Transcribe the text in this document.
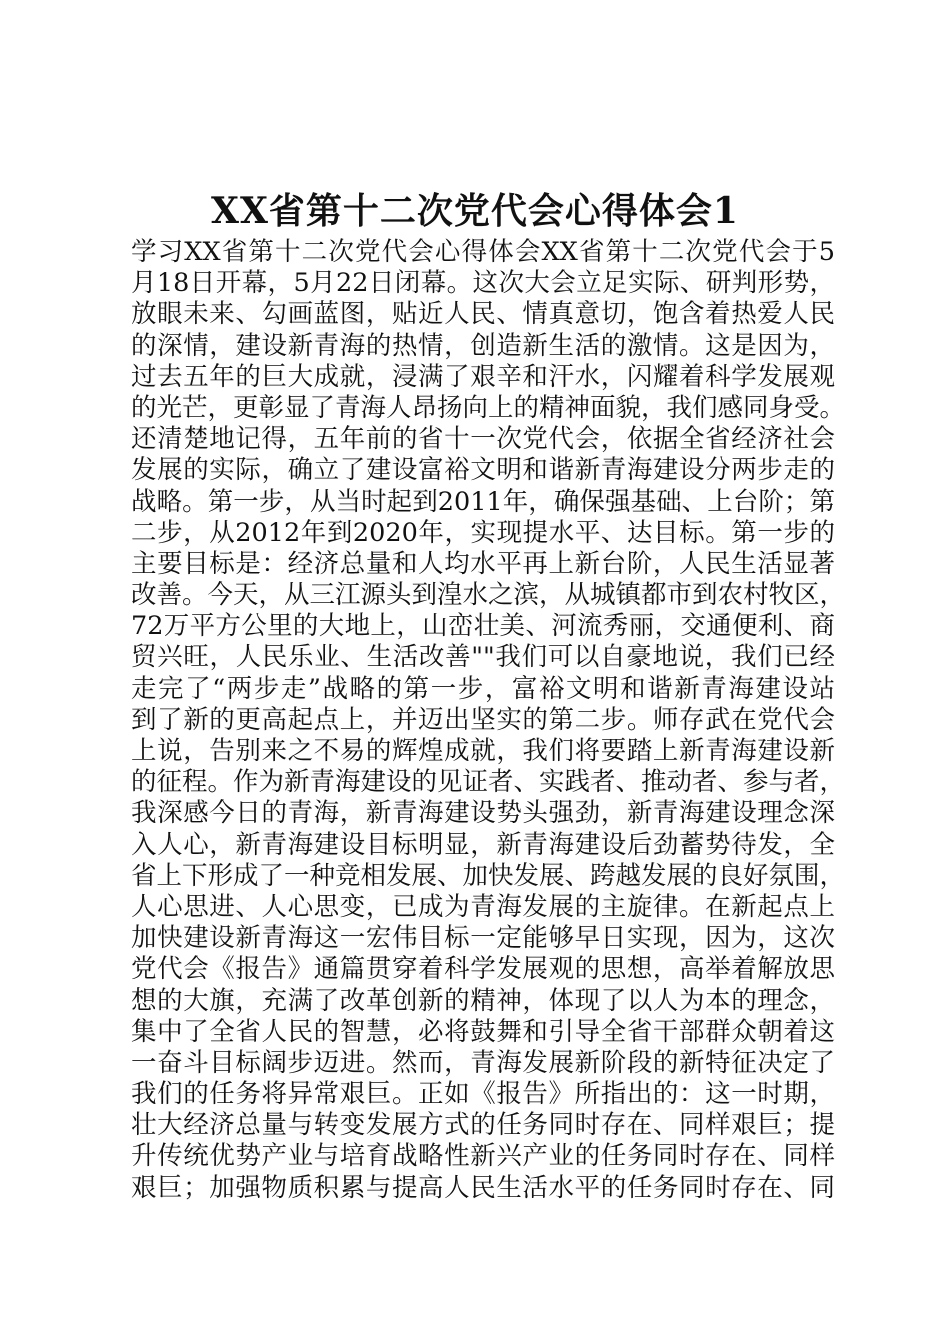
XX省第十二次党代会心得体会1
学习XX省第十二次党代会心得体会XX省第十二次党代会于5
月18日开幕，5月22日闭幕。这次大会立足实际、研判形势，
放眼未来、勾画蓝图，贴近人民、情真意切，饱含着热爱人民
的深情，建设新青海的热情，创造新生活的激情。这是因为，
过去五年的巨大成就，浸满了艰辛和汗水，闪耀着科学发展观
的光芒，更彰显了青海人昂扬向上的精神面貌，我们感同身受。
还清楚地记得，五年前的省十一次党代会，依据全省经济社会
发展的实际，确立了建设富裕文明和谐新青海建设分两步走的
战略。第一步，从当时起到2011年，确保强基础、上台阶；第
二步，从2012年到2020年，实现提水平、达目标。第一步的
主要目标是：经济总量和人均水平再上新台阶，人民生活显著
改善。今天，从三江源头到湟水之滨，从城镇都市到农村牧区，
72万平方公里的大地上，山峦壮美、河流秀丽，交通便利、商
贸兴旺，人民乐业、生活改善""我们可以自豪地说，我们已经
走完了“两步走”战略的第一步，富裕文明和谐新青海建设站
到了新的更高起点上，并迈出坚实的第二步。师存武在党代会
上说，告别来之不易的辉煌成就，我们将要踏上新青海建设新
的征程。作为新青海建设的见证者、实践者、推动者、参与者，
我深感今日的青海，新青海建设势头强劲，新青海建设理念深
入人心，新青海建设目标明显，新青海建设后劲蓄势待发，全
省上下形成了一种竞相发展、加快发展、跨越发展的良好氛围，
人心思进、人心思变，已成为青海发展的主旋律。在新起点上
加快建设新青海这一宏伟目标一定能够早日实现，因为，这次
党代会《报告》通篇贯穿着科学发展观的思想，高举着解放思
想的大旗，充满了改革创新的精神，体现了以人为本的理念，
集中了全省人民的智慧，必将鼓舞和引导全省干部群众朝着这
一奋斗目标阔步迈进。然而，青海发展新阶段的新特征决定了
我们的任务将异常艰巨。正如《报告》所指出的：这一时期，
壮大经济总量与转变发展方式的任务同时存在、同样艰巨；提
升传统优势产业与培育战略性新兴产业的任务同时存在、同样
艰巨；加强物质积累与提高人民生活水平的任务同时存在、同
